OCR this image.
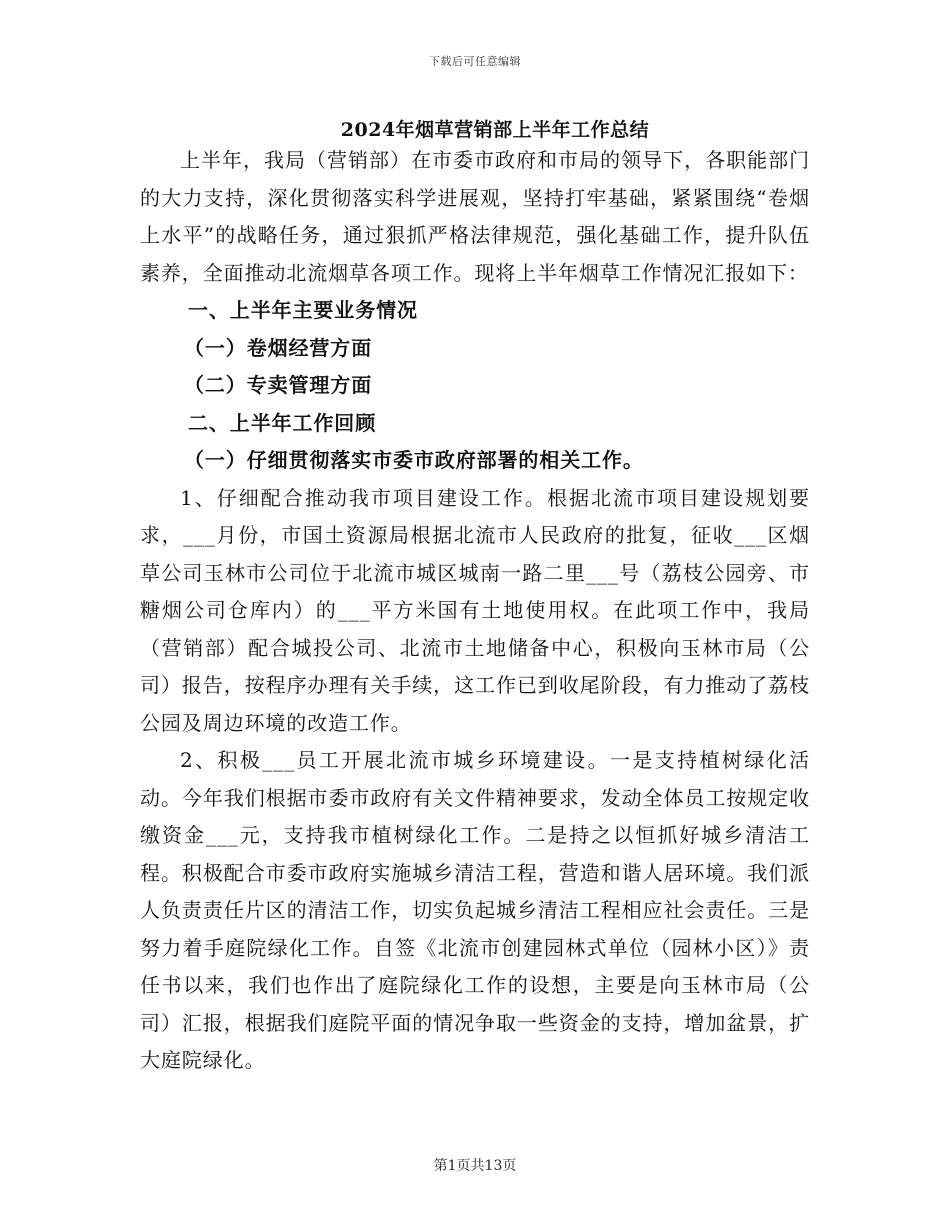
下载后可任意编辑
2024年烟草营销部上半年工作总结

上半年，我局（营销部）在市委市政府和市局的领导下，各职能部门的大力支持，深化贯彻落实科学进展观，坚持打牢基础，紧紧围绕“卷烟上水平”的战略任务，通过狠抓严格法律规范，强化基础工作，提升队伍素养，全面推动北流烟草各项工作。现将上半年烟草工作情况汇报如下：

一、上半年主要业务情况

（一）卷烟经营方面

（二）专卖管理方面

二、上半年工作回顾

（一）仔细贯彻落实市委市政府部署的相关工作。

1、仔细配合推动我市项目建设工作。根据北流市项目建设规划要求，___月份，市国土资源局根据北流市人民政府的批复，征收___区烟草公司玉林市公司位于北流市城区城南一路二里___号（荔枝公园旁、市糖烟公司仓库内）的___平方米国有土地使用权。在此项工作中，我局（营销部）配合城投公司、北流市土地储备中心，积极向玉林市局（公司）报告，按程序办理有关手续，这工作已到收尾阶段，有力推动了荔枝公园及周边环境的改造工作。

2、积极___员工开展北流市城乡环境建设。一是支持植树绿化活动。今年我们根据市委市政府有关文件精神要求，发动全体员工按规定收缴资金___元，支持我市植树绿化工作。二是持之以恒抓好城乡清洁工程。积极配合市委市政府实施城乡清洁工程，营造和谐人居环境。我们派人负责责任片区的清洁工作，切实负起城乡清洁工程相应社会责任。三是努力着手庭院绿化工作。自签《北流市创建园林式单位（园林小区）》责任书以来，我们也作出了庭院绿化工作的设想，主要是向玉林市局（公司）汇报，根据我们庭院平面的情况争取一些资金的支持，增加盆景，扩大庭院绿化。

第1页共13页
